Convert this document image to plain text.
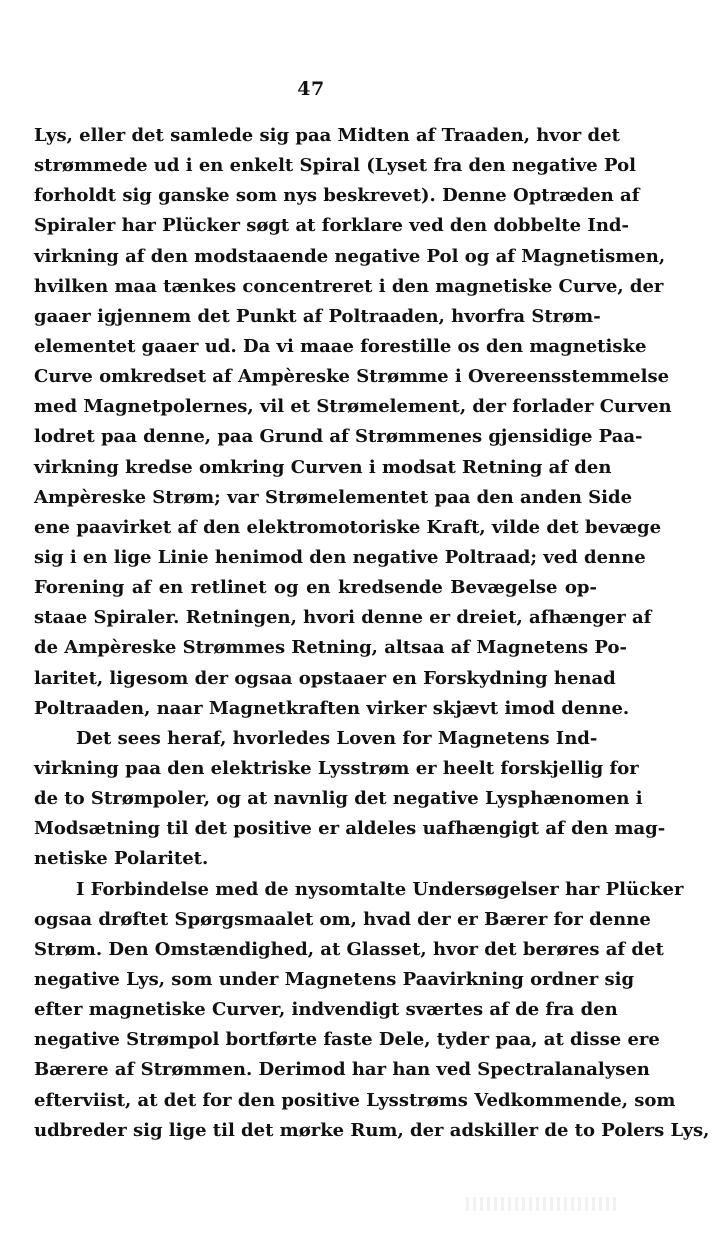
47
Lys, eller det samlede sig paa Midten af Traaden, hvor det
strømmede ud i en enkelt Spiral (Lyset fra den negative Pol
forholdt sig ganske som nys beskrevet). Denne Optræden af
Spiraler har Plücker søgt at forklare ved den dobbelte Ind-
virkning af den modstaaende negative Pol og af Magnetismen,
hvilken maa tænkes concentreret i den magnetiske Curve, der
gaaer igjennem det Punkt af Poltraaden, hvorfra Strøm-
elementet gaaer ud. Da vi maae forestille os den magnetiske
Curve omkredset af Ampèreske Strømme i Overeensstemmelse
med Magnetpolernes, vil et Strømelement, der forlader Curven
lodret paa denne, paa Grund af Strømmenes gjensidige Paa-
virkning kredse omkring Curven i modsat Retning af den
Ampèreske Strøm; var Strømelementet paa den anden Side
ene paavirket af den elektromotoriske Kraft, vilde det bevæge
sig i en lige Linie henimod den negative Poltraad; ved denne
Forening af en retlinet og en kredsende Bevægelse op-
staae Spiraler. Retningen, hvori denne er dreiet, afhænger af
de Ampèreske Strømmes Retning, altsaa af Magnetens Po-
laritet, ligesom der ogsaa opstaaer en Forskydning henad
Poltraaden, naar Magnetkraften virker skjævt imod denne.
Det sees heraf, hvorledes Loven for Magnetens Ind-
virkning paa den elektriske Lysstrøm er heelt forskjellig for
de to Strømpoler, og at navnlig det negative Lysphænomen i
Modsætning til det positive er aldeles uafhængigt af den mag-
netiske Polaritet.
I Forbindelse med de nysomtalte Undersøgelser har Plücker
ogsaa drøftet Spørgsmaalet om, hvad der er Bærer for denne
Strøm. Den Omstændighed, at Glasset, hvor det berøres af det
negative Lys, som under Magnetens Paavirkning ordner sig
efter magnetiske Curver, indvendigt sværtes af de fra den
negative Strømpol bortførte faste Dele, tyder paa, at disse ere
Bærere af Strømmen. Derimod har han ved Spectralanalysen
efterviist, at det for den positive Lysstrøms Vedkommende, som
udbreder sig lige til det mørke Rum, der adskiller de to Polers Lys,
